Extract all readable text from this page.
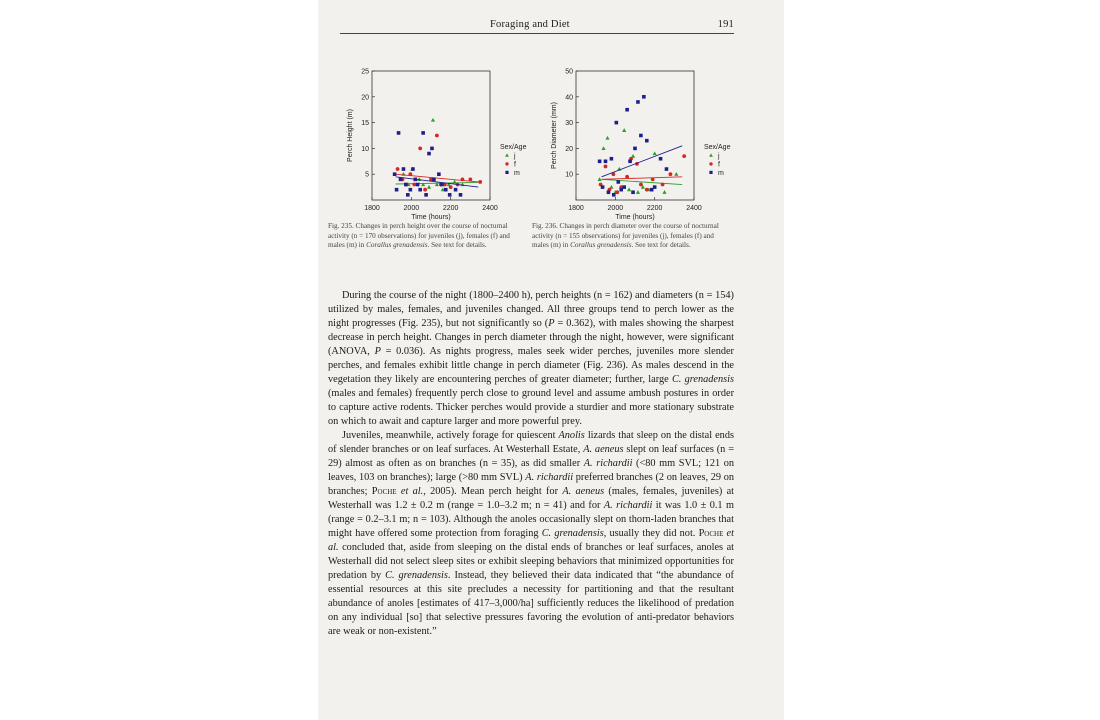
Foraging and Diet	191
5
10
15
20
25
1800	2000	2200	2400
Time (hours)
Perch Height (m)	Sex/Age
j
f
m	10
20
30
40
50
1800	2000	2200	2400
Time (hours)
Perch Diameter (mm)	Sex/Age
j
f
m
Fig. 235. Changes in perch height over the course of nocturnal activity (n = 170 observations) for juveniles (j), females (f) and males (m) in Corallus grenadensis. See text for details.
Fig. 236. Changes in perch diameter over the course of nocturnal activity (n = 155 observations) for juveniles (j), females (f) and males (m) in Corallus grenadensis. See text for details.

During the course of the night (1800–2400 h), perch heights (n = 162) and diameters (n = 154) utilized by males, females, and juveniles changed. All three groups tend to perch lower as the night progresses (Fig. 235), but not significantly so (P = 0.362), with males showing the sharpest decrease in perch height. Changes in perch diameter through the night, however, were significant (ANOVA, P = 0.036). As nights progress, males seek wider perches, juveniles more slender perches, and females exhibit little change in perch diameter (Fig. 236). As males descend in the vegetation they likely are encountering perches of greater diameter; further, large C. grenadensis (males and females) frequently perch close to ground level and assume ambush postures in order to capture active rodents. Thicker perches would provide a sturdier and more stationary substrate on which to await and capture larger and more powerful prey.

Juveniles, meanwhile, actively forage for quiescent Anolis lizards that sleep on the distal ends of slender branches or on leaf surfaces. At Westerhall Estate, A. aeneus slept on leaf surfaces (n = 29) almost as often as on branches (n = 35), as did smaller A. richardii (<80 mm SVL; 121 on leaves, 103 on branches); large (>80 mm SVL) A. richardii preferred branches (2 on leaves, 29 on branches; Poche et al., 2005). Mean perch height for A. aeneus (males, females, juveniles) at Westerhall was 1.2 ± 0.2 m (range = 1.0–3.2 m; n = 41) and for A. richardii it was 1.0 ± 0.1 m (range = 0.2–3.1 m; n = 103). Although the anoles occasionally slept on thorn-laden branches that might have offered some protection from foraging C. grenadensis, usually they did not. Poche et al. concluded that, aside from sleeping on the distal ends of branches or leaf surfaces, anoles at Westerhall did not select sleep sites or exhibit sleeping behaviors that minimized opportunities for predation by C. grenadensis. Instead, they believed their data indicated that “the abundance of essential resources at this site precludes a necessity for partitioning and that the resultant abundance of anoles [estimates of 417–3,000/ha] sufficiently reduces the likelihood of predation on any individual [so] that selective pressures favoring the evolution of anti-predator behaviors are weak or non-existent.”
